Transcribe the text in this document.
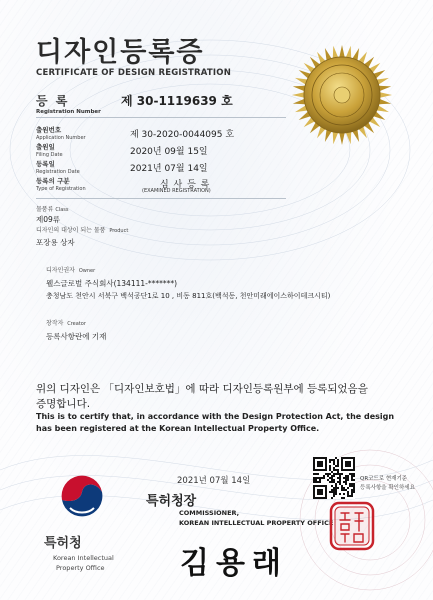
디자인등록증
CERTIFICATE OF DESIGN REGISTRATION
등 록
Registration Number
제 30-1119639 호
출원번호
Application Number	제 30-2020-0044095 호
출원일
Filing Date	2020년 09월 15일
등록일
Registration Date	2021년 07월 14일
등록의 구분
Type of Registration	심 사 등 록
(EXAMINED REGISTRATION)
물품류 Class
제09류
디자인의 대상이 되는 물품 Product
포장용 상자
디자인권자 Owner
웰스글로벌 주식회사(134111-*******)
충청남도 천안시 서북구 백석공단1로 10 , 비동 811호(백석동, 천안미래에이스하이테크시티)
창작자 Creator
등록사항란에 기재
위의 디자인은 「디자인보호법」에 따라 디자인등록원부에 등록되었음을
증명합니다.
This is to certify that, in accordance with the Design Protection Act, the design
has been registered at the Korean Intellectual Property Office.
2021년 07월 14일
특허청장
COMMISSIONER,
KOREAN INTELLECTUAL PROPERTY OFFICE
김용래
QR코드로 현재기준
등록사항을 확인하세요
특허청
Korean Intellectual
Property Office
